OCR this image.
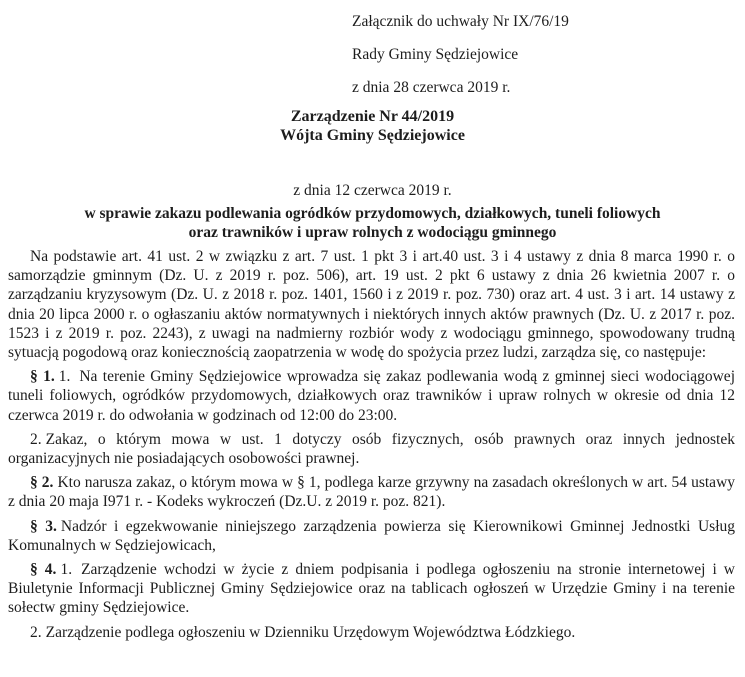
Załącznik do uchwały Nr IX/76/19
Rady Gminy Sędziejowice
z dnia 28 czerwca 2019 r.
Zarządzenie Nr 44/2019
Wójta Gminy Sędziejowice
z dnia 12 czerwca 2019 r.
w sprawie zakazu podlewania ogródków przydomowych, działkowych, tuneli foliowych
oraz trawników i upraw rolnych z wodociągu gminnego

Na podstawie art. 41 ust. 2 w związku z art. 7 ust. 1 pkt 3 i art.40 ust. 3 i 4 ustawy z dnia 8 marca 1990 r. o samorządzie gminnym (Dz. U. z 2019 r. poz. 506), art. 19 ust. 2 pkt 6 ustawy z dnia 26 kwietnia 2007 r. o zarządzaniu kryzysowym (Dz. U. z 2018 r. poz. 1401, 1560 i z 2019 r. poz. 730) oraz art. 4 ust. 3 i art. 14 ustawy z dnia 20 lipca 2000 r. o ogłaszaniu aktów normatywnych i niektórych innych aktów prawnych (Dz. U. z 2017 r. poz. 1523 i z 2019 r. poz. 2243), z uwagi na nadmierny rozbiór wody z wodociągu gminnego, spowodowany trudną sytuacją pogodową oraz koniecznością zaopatrzenia w wodę do spożycia przez ludzi, zarządza się, co następuje:

§ 1. 1. Na terenie Gminy Sędziejowice wprowadza się zakaz podlewania wodą z gminnej sieci wodociągowej tuneli foliowych, ogródków przydomowych, działkowych oraz trawników i upraw rolnych w okresie od dnia 12 czerwca 2019 r. do odwołania w godzinach od 12:00 do 23:00.

2. Zakaz, o którym mowa w ust. 1 dotyczy osób fizycznych, osób prawnych oraz innych jednostek organizacyjnych nie posiadających osobowości prawnej.

§ 2. Kto narusza zakaz, o którym mowa w § 1, podlega karze grzywny na zasadach określonych w art. 54 ustawy z dnia 20 maja I971 r. - Kodeks wykroczeń (Dz.U. z 2019 r. poz. 821).

§ 3. Nadzór i egzekwowanie niniejszego zarządzenia powierza się Kierownikowi Gminnej Jednostki Usług Komunalnych w Sędziejowicach,

§ 4. 1. Zarządzenie wchodzi w życie z dniem podpisania i podlega ogłoszeniu na stronie internetowej i w Biuletynie Informacji Publicznej Gminy Sędziejowice oraz na tablicach ogłoszeń w Urzędzie Gminy i na terenie sołectw gminy Sędziejowice.

2. Zarządzenie podlega ogłoszeniu w Dzienniku Urzędowym Województwa Łódzkiego.
